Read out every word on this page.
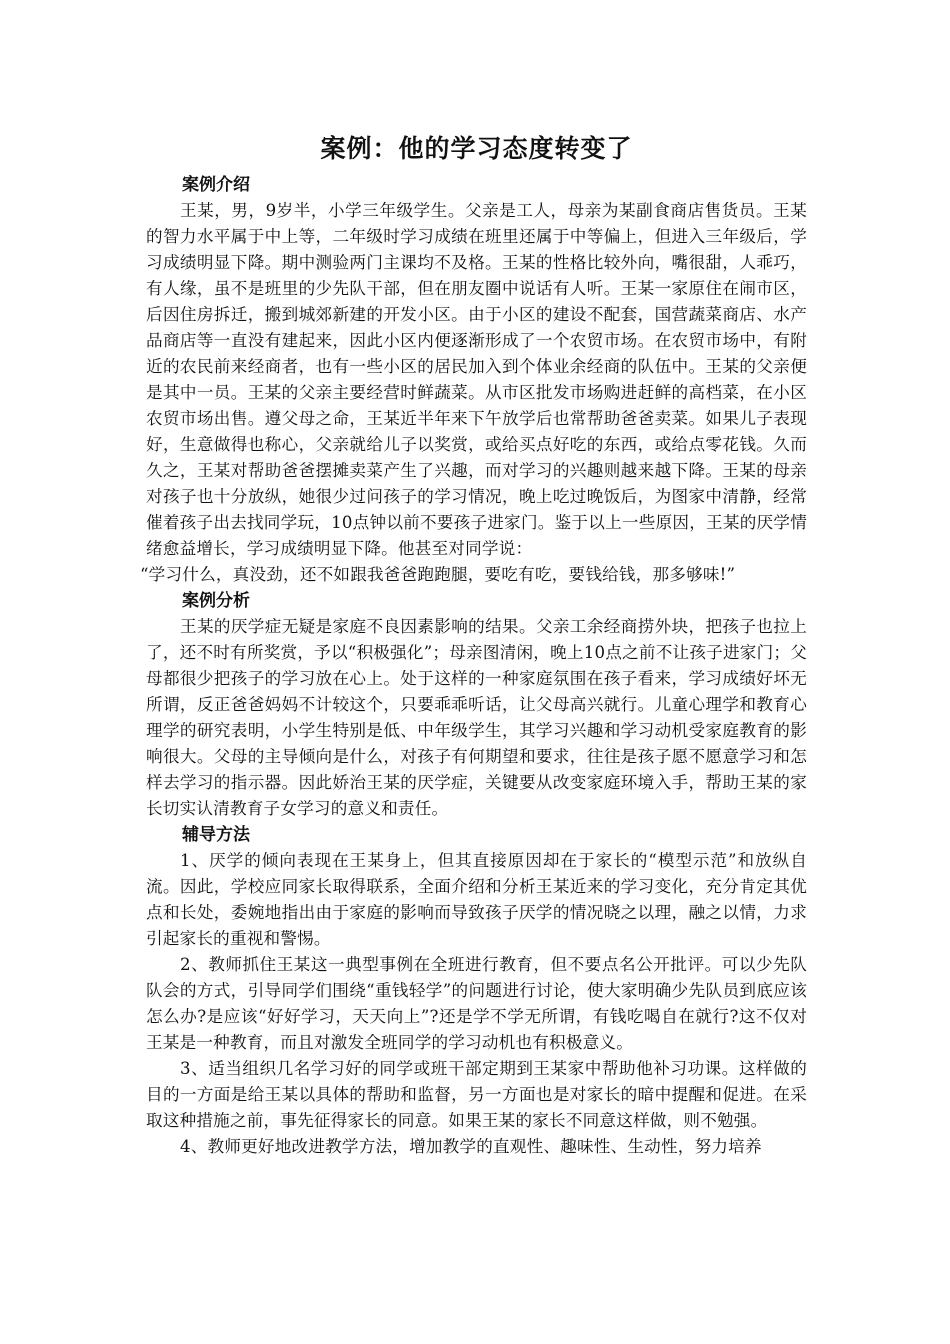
案例：他的学习态度转变了
案例介绍

王某，男，9岁半，小学三年级学生。父亲是工人，母亲为某副食商店售货员。王某的智力水平属于中上等，二年级时学习成绩在班里还属于中等偏上，但进入三年级后，学习成绩明显下降。期中测验两门主课均不及格。王某的性格比较外向，嘴很甜，人乖巧，有人缘，虽不是班里的少先队干部，但在朋友圈中说话有人听。王某一家原住在闹市区，后因住房拆迁，搬到城郊新建的开发小区。由于小区的建设不配套，国营蔬菜商店、水产品商店等一直没有建起来，因此小区内便逐渐形成了一个农贸市场。在农贸市场中，有附近的农民前来经商者，也有一些小区的居民加入到个体业余经商的队伍中。王某的父亲便是其中一员。王某的父亲主要经营时鲜蔬菜。从市区批发市场购进赶鲜的高档菜，在小区农贸市场出售。遵父母之命，王某近半年来下午放学后也常帮助爸爸卖菜。如果儿子表现好，生意做得也称心，父亲就给儿子以奖赏，或给买点好吃的东西，或给点零花钱。久而久之，王某对帮助爸爸摆摊卖菜产生了兴趣，而对学习的兴趣则越来越下降。王某的母亲对孩子也十分放纵，她很少过问孩子的学习情况，晚上吃过晚饭后，为图家中清静，经常催着孩子出去找同学玩，10点钟以前不要孩子进家门。鉴于以上一些原因，王某的厌学情绪愈益增长，学习成绩明显下降。他甚至对同学说：

“学习什么，真没劲，还不如跟我爸爸跑跑腿，要吃有吃，要钱给钱，那多够味!”

案例分析

王某的厌学症无疑是家庭不良因素影响的结果。父亲工余经商捞外块，把孩子也拉上了，还不时有所奖赏，予以“积极强化”；母亲图清闲，晚上10点之前不让孩子进家门；父母都很少把孩子的学习放在心上。处于这样的一种家庭氛围在孩子看来，学习成绩好坏无所谓，反正爸爸妈妈不计较这个，只要乖乖听话，让父母高兴就行。儿童心理学和教育心理学的研究表明，小学生特别是低、中年级学生，其学习兴趣和学习动机受家庭教育的影响很大。父母的主导倾向是什么，对孩子有何期望和要求，往往是孩子愿不愿意学习和怎样去学习的指示器。因此娇治王某的厌学症，关键要从改变家庭环境入手，帮助王某的家长切实认清教育子女学习的意义和责任。

辅导方法

1、厌学的倾向表现在王某身上，但其直接原因却在于家长的“模型示范”和放纵自流。因此，学校应同家长取得联系，全面介绍和分析王某近来的学习变化，充分肯定其优点和长处，委婉地指出由于家庭的影响而导致孩子厌学的情况晓之以理，融之以情，力求引起家长的重视和警惕。

2、教师抓住王某这一典型事例在全班进行教育，但不要点名公开批评。可以少先队队会的方式，引导同学们围绕“重钱轻学”的问题进行讨论，使大家明确少先队员到底应该怎么办?是应该“好好学习，天天向上”?还是学不学无所谓，有钱吃喝自在就行?这不仅对王某是一种教育，而且对激发全班同学的学习动机也有积极意义。

3、适当组织几名学习好的同学或班干部定期到王某家中帮助他补习功课。这样做的目的一方面是给王某以具体的帮助和监督，另一方面也是对家长的暗中提醒和促进。在采取这种措施之前，事先征得家长的同意。如果王某的家长不同意这样做，则不勉强。

4、教师更好地改进教学方法，增加教学的直观性、趣味性、生动性，努力培养
